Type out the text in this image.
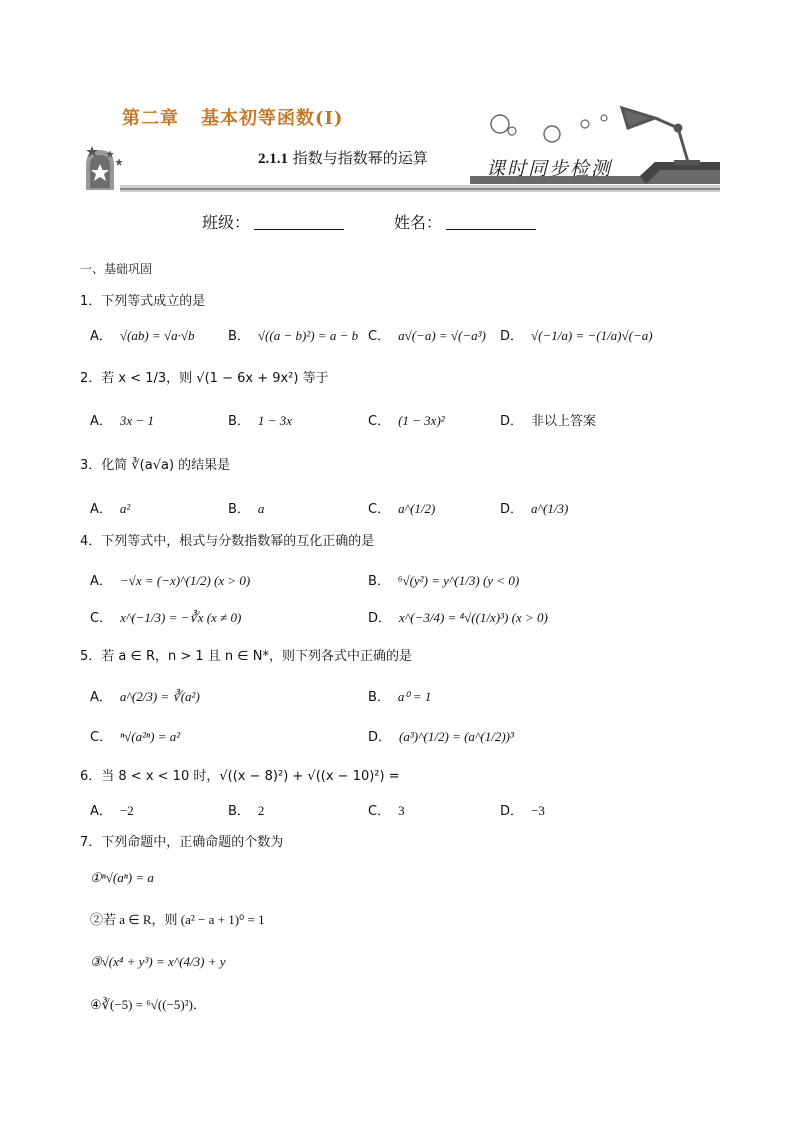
第二章 基本初等函数(Ⅰ)
2.1.1 指数与指数幂的运算	课时同步检测
班级：	姓名：
一、基础巩固
1．下列等式成立的是
A． √(ab) = √a·√b	B． √((a − b)²) = a − b C． a√(−a) = √(−a³) D． √(−1/a) = −(1/a)√(−a)
2．若 x < 1/3，则 √(1 − 6x + 9x²) 等于
A． 3x − 1	B． 1 − 3x	C． (1 − 3x)²	D． 非以上答案
3．化简 ∛(a√a) 的结果是
A． a²	B． a	C． a^(1/2)	D． a^(1/3)
4．下列等式中，根式与分数指数幂的互化正确的是
A． −√x = (−x)^(1/2) (x > 0)	B． ⁶√(y²) = y^(1/3) (y < 0)
C． x^(−1/3) = −∛x (x ≠ 0)	D． x^(−3/4) = ⁴√((1/x)³) (x > 0)
5．若 a ∈ R，n > 1 且 n ∈ N*，则下列各式中正确的是
A． a^(2/3) = ∛(a²)	B． a⁰ = 1
C． ⁿ√(a²ⁿ) = a²	D． (a³)^(1/2) = (a^(1/2))³
6．当 8 < x < 10 时，√((x − 8)²) + √((x − 10)²) =
A． −2	B． 2	C． 3	D． −3
7．下列命题中，正确命题的个数为
①ⁿ√(aⁿ) = a
②若 a ∈ R，则 (a² − a + 1)⁰ = 1
③√(x⁴ + y³) = x^(4/3) + y
④∛(−5) = ⁶√((−5)²)．
